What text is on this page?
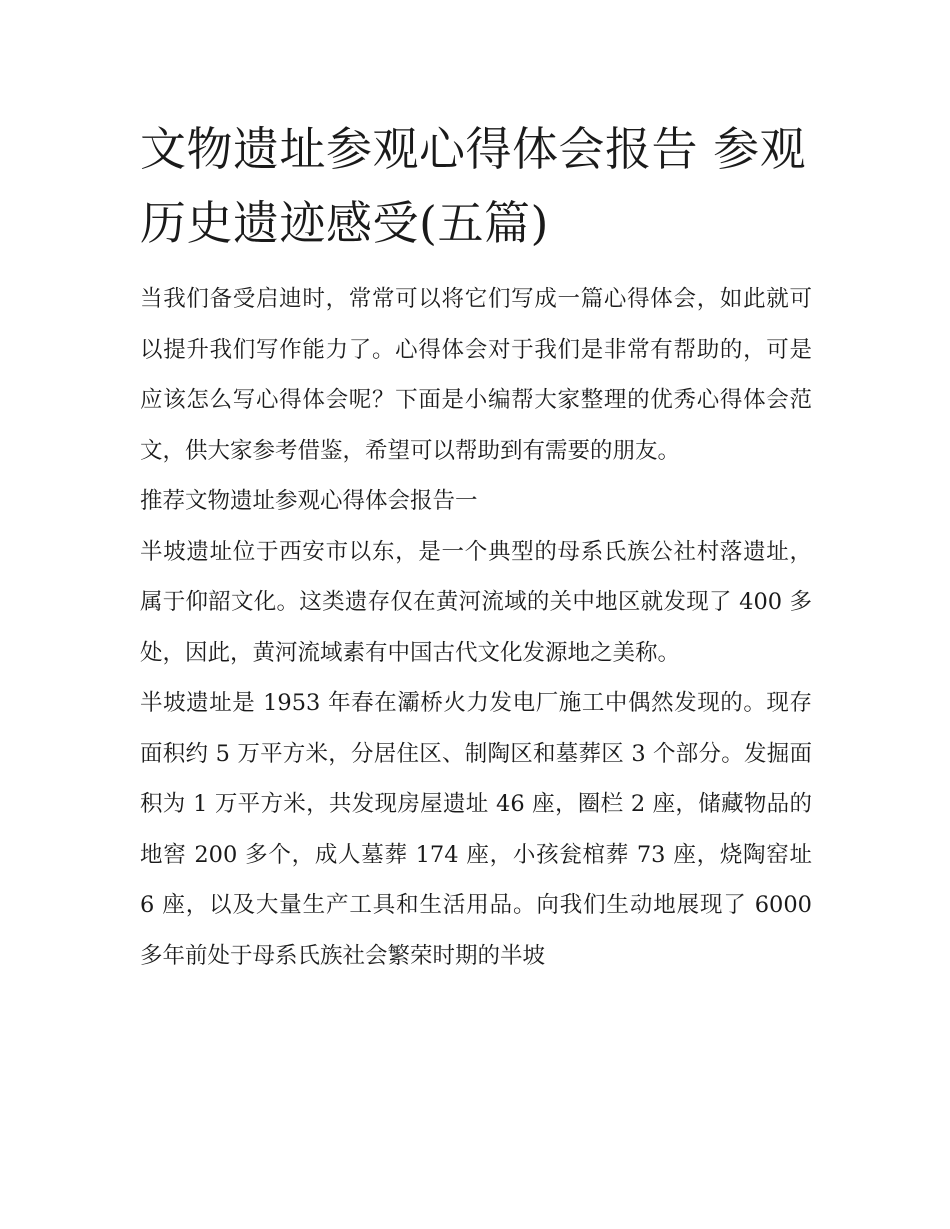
文物遗址参观心得体会报告 参观历史遗迹感受(五篇)

当我们备受启迪时，常常可以将它们写成一篇心得体会，如此就可以提升我们写作能力了。心得体会对于我们是非常有帮助的，可是应该怎么写心得体会呢？下面是小编帮大家整理的优秀心得体会范文，供大家参考借鉴，希望可以帮助到有需要的朋友。

推荐文物遗址参观心得体会报告一

半坡遗址位于西安市以东，是一个典型的母系氏族公社村落遗址，属于仰韶文化。这类遗存仅在黄河流域的关中地区就发现了 400 多处，因此，黄河流域素有中国古代文化发源地之美称。

半坡遗址是 1953 年春在灞桥火力发电厂施工中偶然发现的。现存面积约 5 万平方米，分居住区、制陶区和墓葬区 3 个部分。发掘面积为 1 万平方米，共发现房屋遗址 46 座，圈栏 2 座，储藏物品的地窖 200 多个，成人墓葬 174 座，小孩瓮棺葬 73 座，烧陶窑址 6 座，以及大量生产工具和生活用品。向我们生动地展现了 6000 多年前处于母系氏族社会繁荣时期的半坡
